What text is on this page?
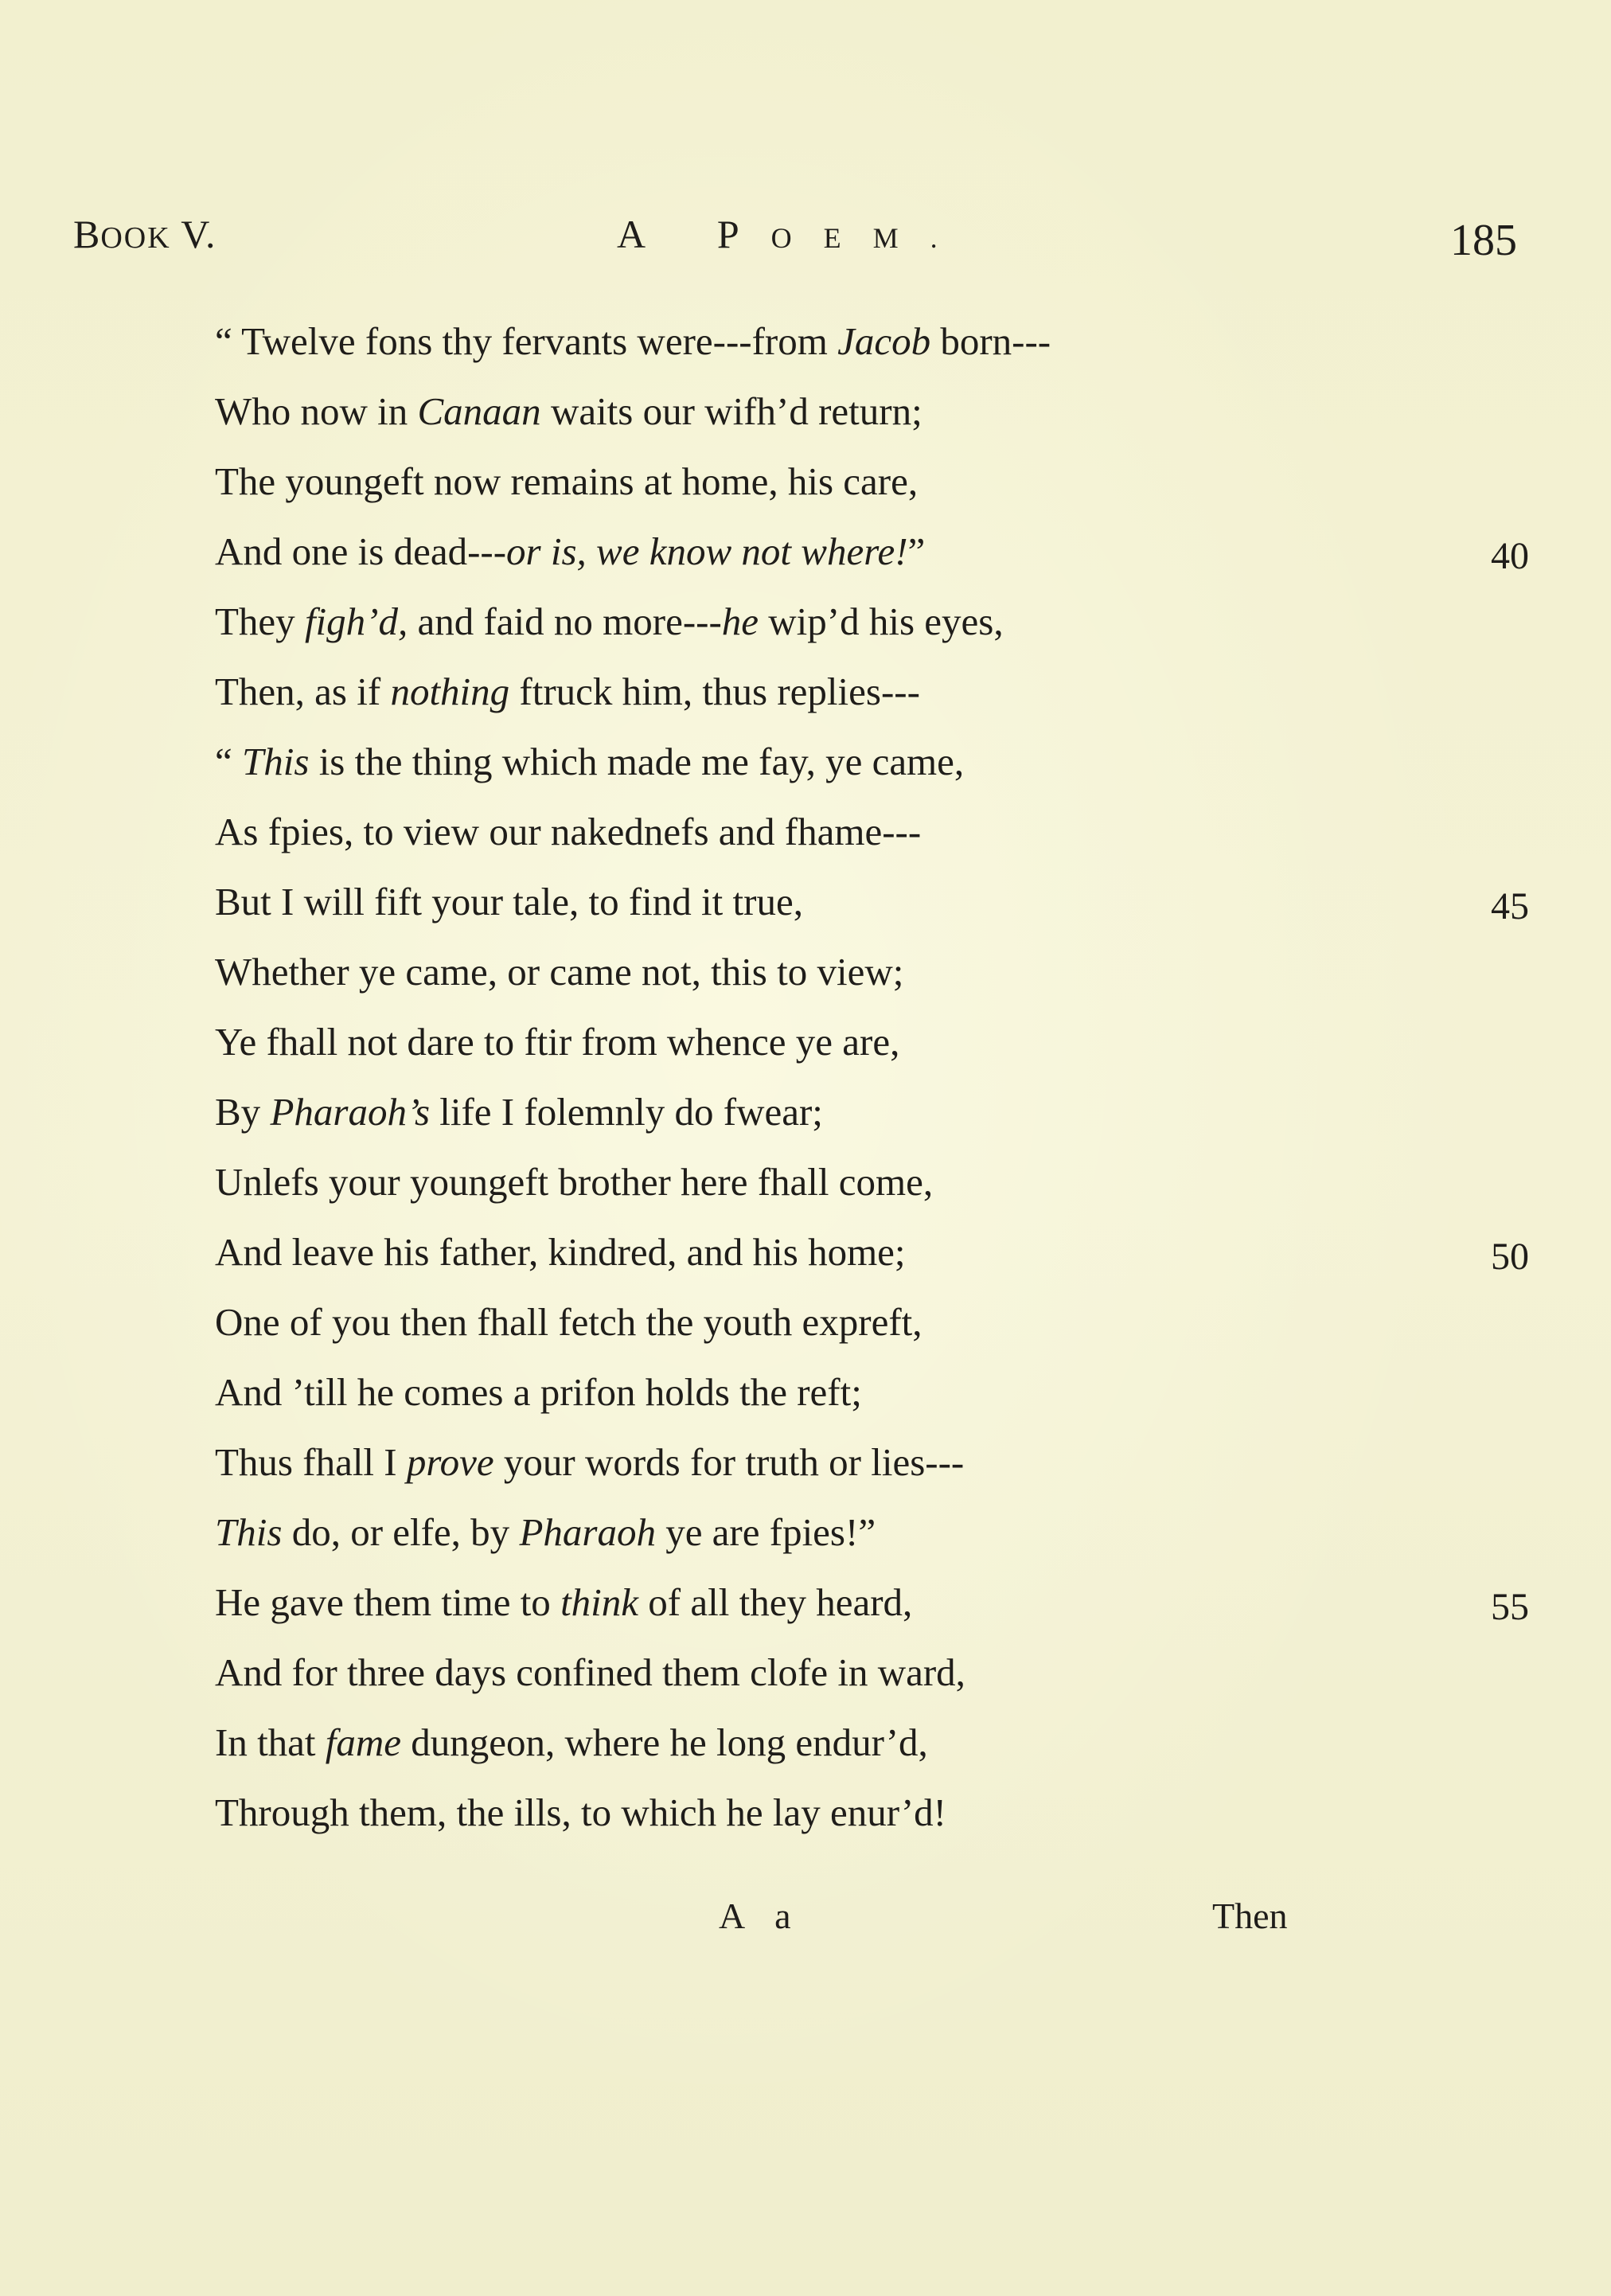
BOOK V.	A POEM.	185
“ Twelve fons thy fervants were---from Jacob born---
Who now in Canaan waits our wifh’d return;
The youngeft now remains at home, his care,
And one is dead---or is, we know not where!”
They figh’d, and faid no more---he wip’d his eyes,
Then, as if nothing ftruck him, thus replies---
“ This is the thing which made me fay, ye came,
As fpies, to view our nakednefs and fhame---
But I will fift your tale, to find it true,
Whether ye came, or came not, this to view;
Ye fhall not dare to ftir from whence ye are,
By Pharaoh’s life I folemnly do fwear;
Unlefs your youngeft brother here fhall come,
And leave his father, kindred, and his home;
One of you then fhall fetch the youth expreft,
And ’till he comes a prifon holds the reft;
Thus fhall I prove your words for truth or lies---
This do, or elfe, by Pharaoh ye are fpies!”
He gave them time to think of all they heard,
And for three days confined them clofe in ward,
In that fame dungeon, where he long endur’d,
Through them, the ills, to which he lay enur’d!
40
45
50
55
A a	Then
